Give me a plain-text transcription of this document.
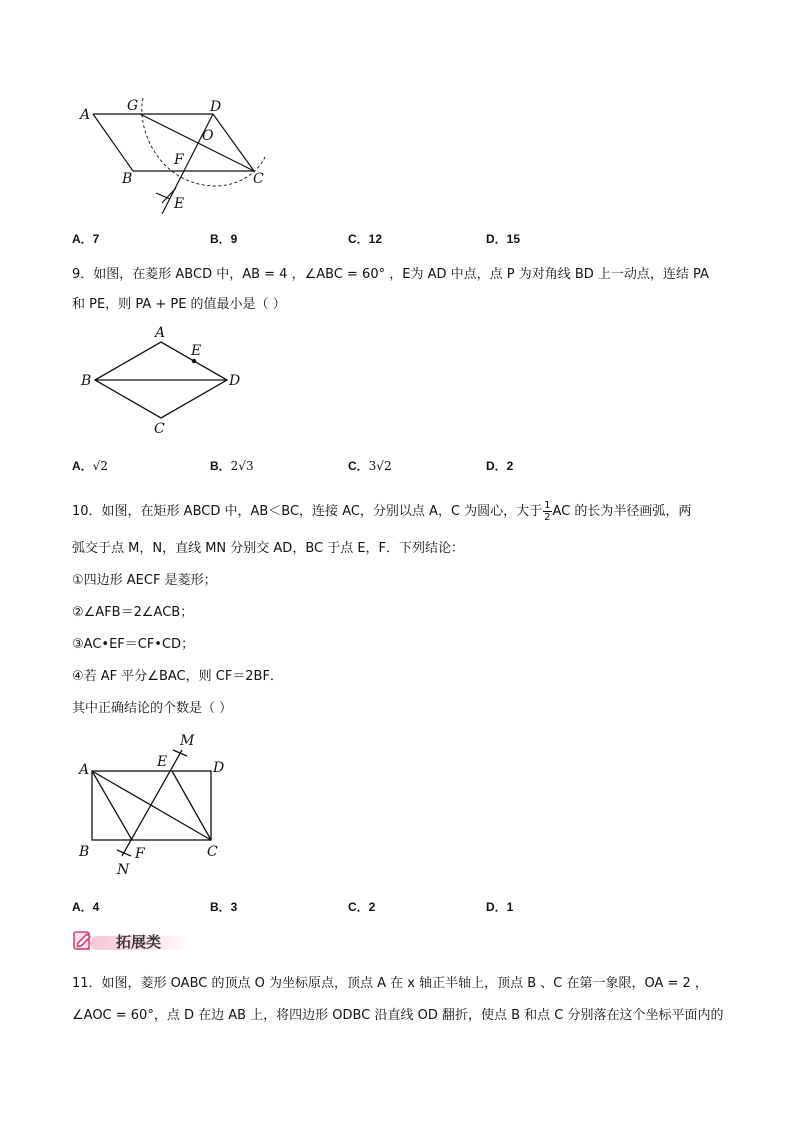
A
G	D
O
F
B	C
E
A．7	B．9	C．12	D．15
9．如图，在菱形 ABCD 中，AB = 4 ，∠ABC = 60° ，E为 AD 中点，点 P 为对角线 BD 上一动点，连结 PA
和 PE，则 PA + PE 的值最小是（ ）
A
E
B	D
C
A．√2	B．2√3	C．3√2	D．2
10．如图，在矩形 ABCD 中，AB＜BC，连接 AC，分别以点 A，C 为圆心，大于 $\frac{1}{2}$ AC 的长为半径画弧，两
弧交于点 M，N，直线 MN 分别交 AD，BC 于点 E，F．下列结论：
①四边形 AECF 是菱形；
②∠AFB＝2∠ACB；
③AC•EF＝CF•CD；
④若 AF 平分∠BAC，则 CF＝2BF．
其中正确结论的个数是（ ）
M
A	E	D
B	F	C
N
A．4	B．3	C．2	D．1
拓展类
11．如图，菱形 OABC 的顶点 O 为坐标原点，顶点 A 在 x 轴正半轴上，顶点 B 、C 在第一象限，OA = 2 ，
∠AOC = 60°，点 D 在边 AB 上，将四边形 ODBC 沿直线 OD 翻折，使点 B 和点 C 分别落在这个坐标平面内的
